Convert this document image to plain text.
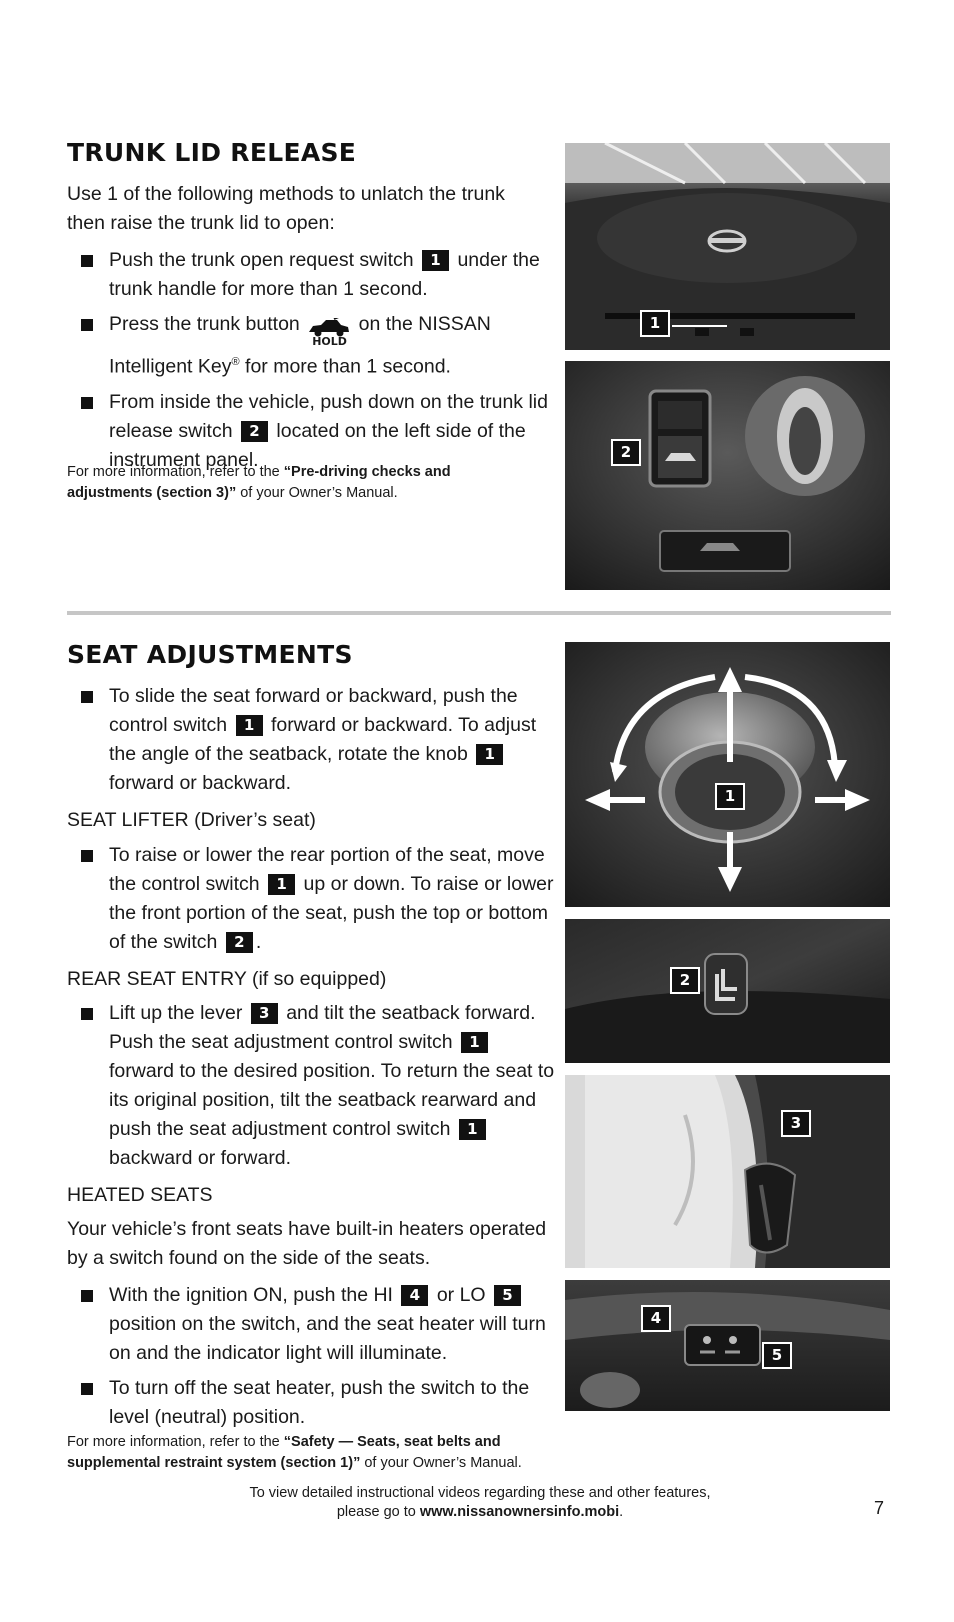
TRUNK LID RELEASE

Use 1 of the following methods to unlatch the trunk then raise the trunk lid to open:

Push the trunk open request switch 1 under the trunk handle for more than 1 second.
Press the trunk button
HOLD
on the NISSAN Intelligent Key® for more than 1 second.
From inside the vehicle, push down on the trunk lid release switch 2 located on the left side of the instrument panel.

For more information, refer to the “Pre-driving checks and adjustments (section 3)” of your Owner’s Manual.

1
2
SEAT ADJUSTMENTS
To slide the seat forward or backward, push the control switch 1 forward or backward. To adjust the angle of the seatback, rotate the knob 1 forward or backward.

SEAT LIFTER (Driver’s seat)

To raise or lower the rear portion of the seat, move the control switch 1 up or down. To raise or lower the front portion of the seat, push the top or bottom of the switch 2 .

REAR SEAT ENTRY (if so equipped)

Lift up the lever 3 and tilt the seatback forward. Push the seat adjustment control switch 1 forward to the desired position. To return the seat to its original position, tilt the seatback rearward and push the seat adjustment control switch 1 backward or forward.

HEATED SEATS

Your vehicle’s front seats have built-in heaters operated by a switch found on the side of the seats.

With the ignition ON, push the HI 4 or LO 5 position on the switch, and the seat heater will turn on and the indicator light will illuminate.
To turn off the seat heater, push the switch to the level (neutral) position.

For more information, refer to the “Safety — Seats, seat belts and supplemental restraint system (section 1)” of your Owner’s Manual.

1
2
3
4
5
To view detailed instructional videos regarding these and other features,
please go to www.nissanownersinfo.mobi.	7
